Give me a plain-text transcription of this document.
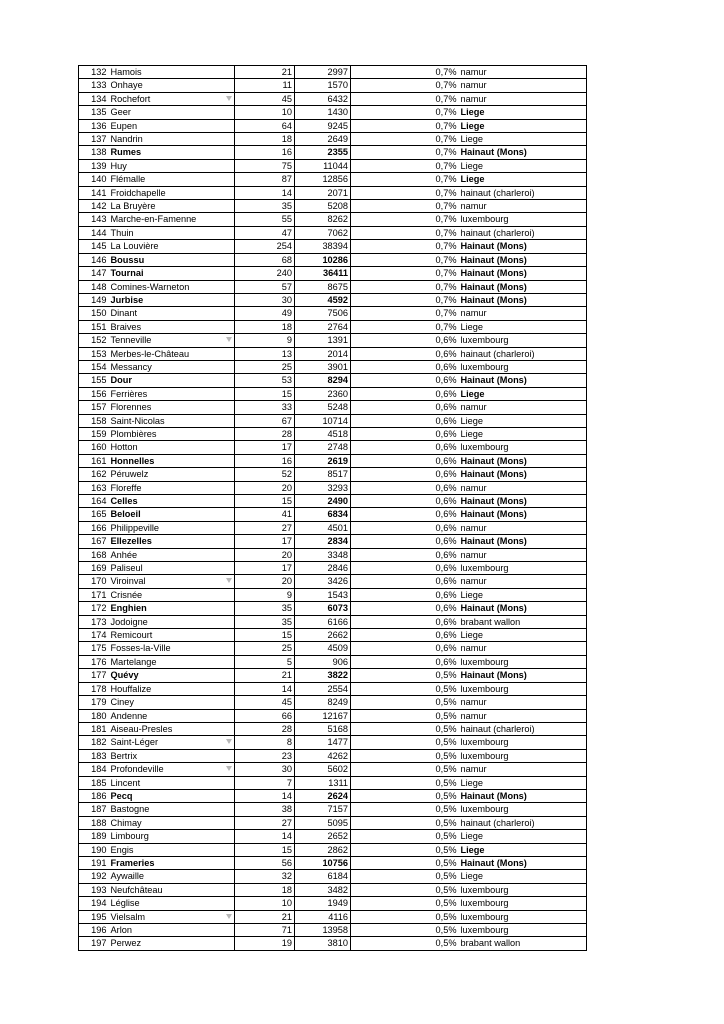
132	Hamois	21	2997	0,7%	namur
133	Onhaye	11	1570	0,7%	namur
134	Rochefort	45	6432	0,7%	namur
135	Geer	10	1430	0,7%	Liege
136	Eupen	64	9245	0,7%	Liege
137	Nandrin	18	2649	0,7%	Liege
138	Rumes	16	2355	0,7%	Hainaut (Mons)
139	Huy	75	11044	0,7%	Liege
140	Flémalle	87	12856	0,7%	Liege
141	Froidchapelle	14	2071	0,7%	hainaut (charleroi)
142	La Bruyère	35	5208	0,7%	namur
143	Marche-en-Famenne	55	8262	0,7%	luxembourg
144	Thuin	47	7062	0,7%	hainaut (charleroi)
145	La Louvière	254	38394	0,7%	Hainaut (Mons)
146	Boussu	68	10286	0,7%	Hainaut (Mons)
147	Tournai	240	36411	0,7%	Hainaut (Mons)
148	Comines-Warneton	57	8675	0,7%	Hainaut (Mons)
149	Jurbise	30	4592	0,7%	Hainaut (Mons)
150	Dinant	49	7506	0,7%	namur
151	Braives	18	2764	0,7%	Liege
152	Tenneville	9	1391	0,6%	luxembourg
153	Merbes-le-Château	13	2014	0,6%	hainaut (charleroi)
154	Messancy	25	3901	0,6%	luxembourg
155	Dour	53	8294	0,6%	Hainaut (Mons)
156	Ferrières	15	2360	0,6%	Liege
157	Florennes	33	5248	0,6%	namur
158	Saint-Nicolas	67	10714	0,6%	Liege
159	Plombières	28	4518	0,6%	Liege
160	Hotton	17	2748	0,6%	luxembourg
161	Honnelles	16	2619	0,6%	Hainaut (Mons)
162	Péruwelz	52	8517	0,6%	Hainaut (Mons)
163	Floreffe	20	3293	0,6%	namur
164	Celles	15	2490	0,6%	Hainaut (Mons)
165	Beloeil	41	6834	0,6%	Hainaut (Mons)
166	Philippeville	27	4501	0,6%	namur
167	Ellezelles	17	2834	0,6%	Hainaut (Mons)
168	Anhée	20	3348	0,6%	namur
169	Paliseul	17	2846	0,6%	luxembourg
170	Viroinval	20	3426	0,6%	namur
171	Crisnée	9	1543	0,6%	Liege
172	Enghien	35	6073	0,6%	Hainaut (Mons)
173	Jodoigne	35	6166	0,6%	brabant wallon
174	Remicourt	15	2662	0,6%	Liege
175	Fosses-la-Ville	25	4509	0,6%	namur
176	Martelange	5	906	0,6%	luxembourg
177	Quévy	21	3822	0,5%	Hainaut (Mons)
178	Houffalize	14	2554	0,5%	luxembourg
179	Ciney	45	8249	0,5%	namur
180	Andenne	66	12167	0,5%	namur
181	Aiseau-Presles	28	5168	0,5%	hainaut (charleroi)
182	Saint-Léger	8	1477	0,5%	luxembourg
183	Bertrix	23	4262	0,5%	luxembourg
184	Profondeville	30	5602	0,5%	namur
185	Lincent	7	1311	0,5%	Liege
186	Pecq	14	2624	0,5%	Hainaut (Mons)
187	Bastogne	38	7157	0,5%	luxembourg
188	Chimay	27	5095	0,5%	hainaut (charleroi)
189	Limbourg	14	2652	0,5%	Liege
190	Engis	15	2862	0,5%	Liege
191	Frameries	56	10756	0,5%	Hainaut (Mons)
192	Aywaille	32	6184	0,5%	Liege
193	Neufchâteau	18	3482	0,5%	luxembourg
194	Léglise	10	1949	0,5%	luxembourg
195	Vielsalm	21	4116	0,5%	luxembourg
196	Arlon	71	13958	0,5%	luxembourg
197	Perwez	19	3810	0,5%	brabant wallon
